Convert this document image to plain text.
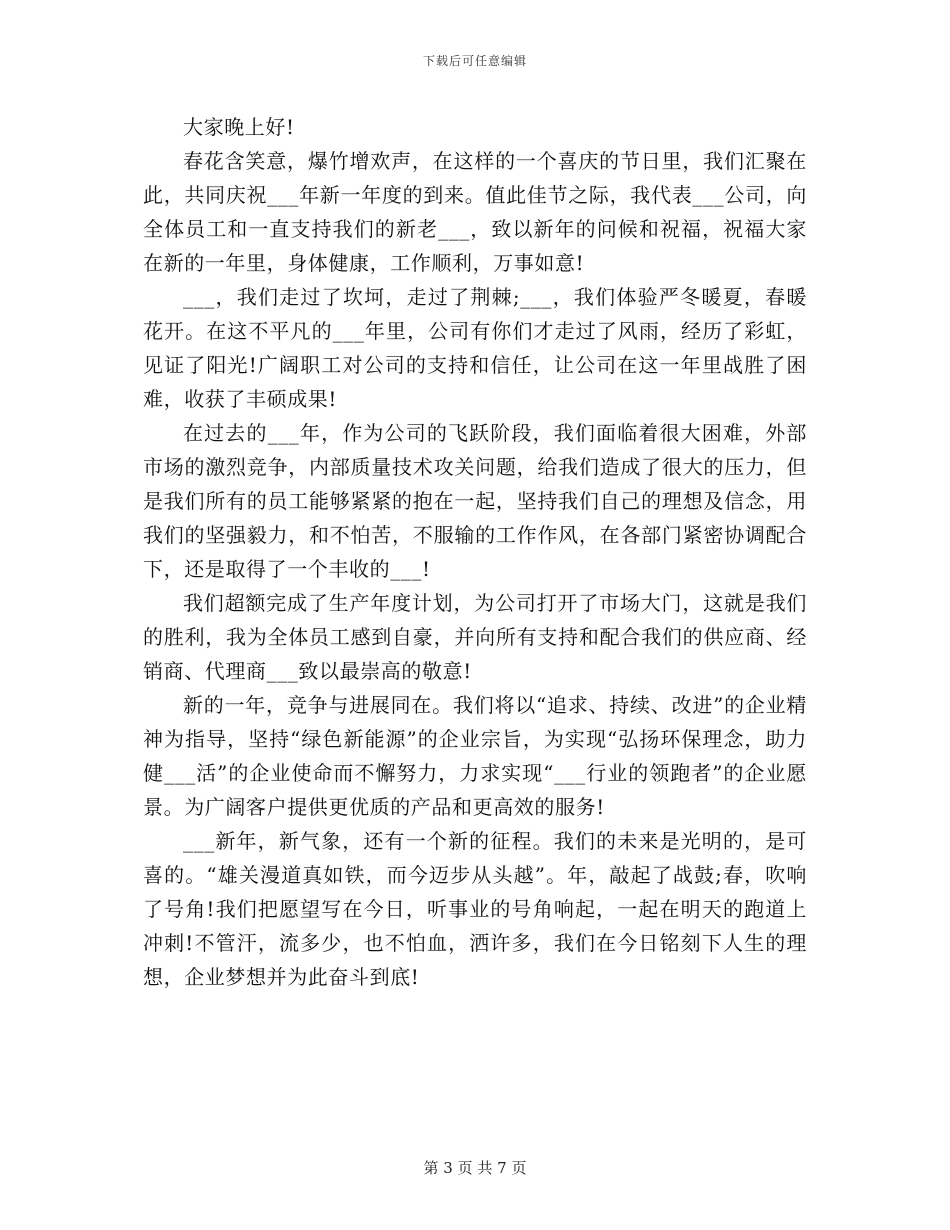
下载后可任意编辑

大家晚上好!

春花含笑意，爆竹增欢声，在这样的一个喜庆的节日里，我们汇聚在此，共同庆祝___年新一年度的到来。值此佳节之际，我代表___公司，向全体员工和一直支持我们的新老___，致以新年的问候和祝福，祝福大家在新的一年里，身体健康，工作顺利，万事如意!

___，我们走过了坎坷，走过了荆棘;___，我们体验严冬暖夏，春暖花开。在这不平凡的___年里，公司有你们才走过了风雨，经历了彩虹，见证了阳光!广阔职工对公司的支持和信任，让公司在这一年里战胜了困难，收获了丰硕成果!

在过去的___年，作为公司的飞跃阶段，我们面临着很大困难，外部市场的激烈竞争，内部质量技术攻关问题，给我们造成了很大的压力，但是我们所有的员工能够紧紧的抱在一起，坚持我们自己的理想及信念，用我们的坚强毅力，和不怕苦，不服输的工作作风，在各部门紧密协调配合下，还是取得了一个丰收的___!

我们超额完成了生产年度计划，为公司打开了市场大门，这就是我们的胜利，我为全体员工感到自豪，并向所有支持和配合我们的供应商、经销商、代理商___致以最崇高的敬意!

新的一年，竞争与进展同在。我们将以“追求、持续、改进”的企业精神为指导，坚持“绿色新能源”的企业宗旨，为实现“弘扬环保理念，助力健___活”的企业使命而不懈努力，力求实现“___行业的领跑者”的企业愿景。为广阔客户提供更优质的产品和更高效的服务!

___新年，新气象，还有一个新的征程。我们的未来是光明的，是可喜的。“雄关漫道真如铁，而今迈步从头越”。年，敲起了战鼓;春，吹响了号角!我们把愿望写在今日，听事业的号角响起，一起在明天的跑道上冲刺!不管汗，流多少，也不怕血，洒许多，我们在今日铭刻下人生的理想，企业梦想并为此奋斗到底!

第 3 页 共 7 页
